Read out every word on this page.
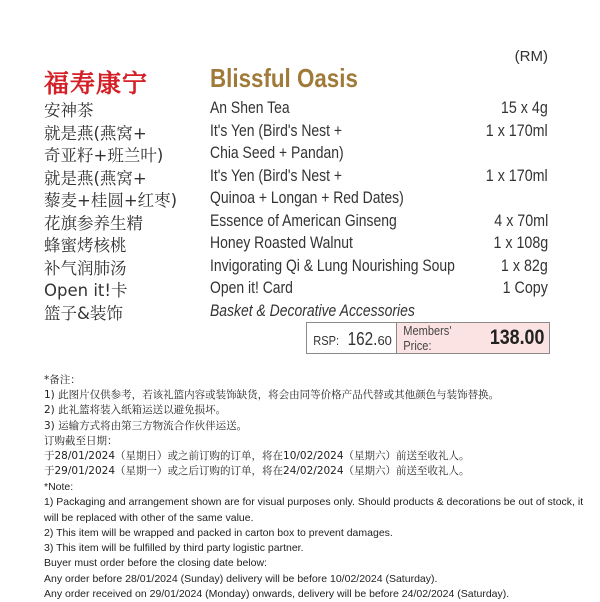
(RM)
福寿康宁 Blissful Oasis
安神茶	An Shen Tea	15 x 4g
就是燕(燕窝+	It's Yen (Bird's Nest +	1 x 170ml
奇亚籽+班兰叶)	Chia Seed + Pandan)
就是燕(燕窝+	It's Yen (Bird's Nest +	1 x 170ml
藜麦+桂圆+红枣) Quinoa + Longan + Red Dates)
花旗参养生精	Essence of American Ginseng	4 x 70ml
蜂蜜烤核桃	Honey Roasted Walnut	1 x 108g
补气润肺汤	Invigorating Qi & Lung Nourishing Soup	1 x 82g
Open it!卡	Open it! Card	1 Copy
篮子&装饰	Basket & Decorative Accessories
RSP: 162. 60
Members' Price:	138.00
*备注：
1) 此图片仅供参考，若该礼篮内容或装饰缺货，将会由同等价格产品代替或其他颜色与装饰替换。
2) 此礼篮将装入纸箱运送以避免损坏。
3) 运输方式将由第三方物流合作伙伴运送。
订购截至日期：
于28/01/2024（星期日）或之前订购的订单，将在10/02/2024（星期六）前送至收礼人。
于29/01/2024（星期一）或之后订购的订单，将在24/02/2024（星期六）前送至收礼人。
*Note:
1) Packaging and arrangement shown are for visual purposes only. Should products & decorations be out of stock, it
will be replaced with other of the same value.
2) This item will be wrapped and packed in carton box to prevent damages.
3) This item will be fulfilled by third party logistic partner.
Buyer must order before the closing date below:
Any order before 28/01/2024 (Sunday) delivery will be before 10/02/2024 (Saturday).
Any order received on 29/01/2024 (Monday) onwards, delivery will be before 24/02/2024 (Saturday).
